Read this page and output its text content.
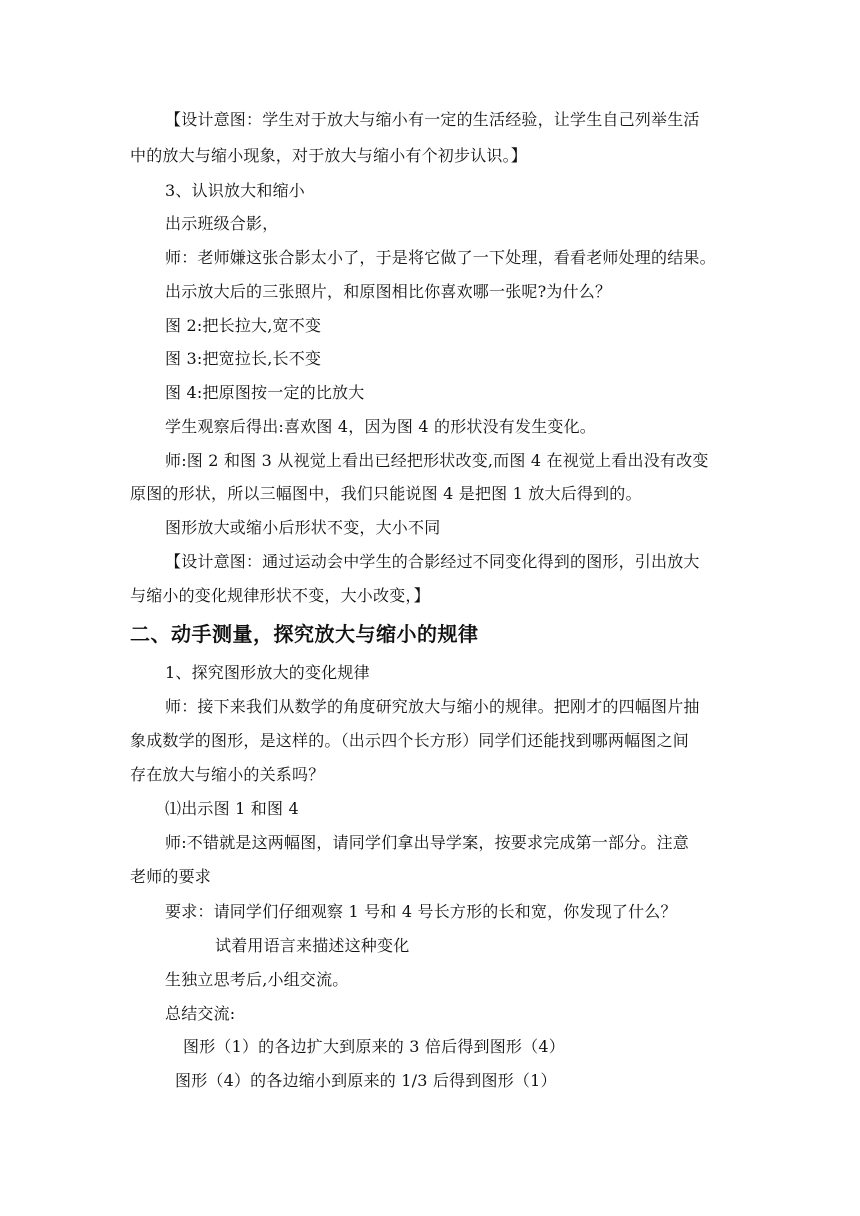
【设计意图：学生对于放大与缩小有一定的生活经验，让学生自己列举生活
中的放大与缩小现象，对于放大与缩小有个初步认识。】
3、认识放大和缩小
出示班级合影，
师：老师嫌这张合影太小了，于是将它做了一下处理，看看老师处理的结果。
出示放大后的三张照片，和原图相比你喜欢哪一张呢?为什么？
图 2:把长拉大,宽不变
图 3:把宽拉长,长不变
图 4:把原图按一定的比放大
学生观察后得出:喜欢图 4，因为图 4 的形状没有发生变化。
师:图 2 和图 3 从视觉上看出已经把形状改变,而图 4 在视觉上看出没有改变
原图的形状，所以三幅图中，我们只能说图 4 是把图 1 放大后得到的。
图形放大或缩小后形状不变，大小不同
【设计意图：通过运动会中学生的合影经过不同变化得到的图形，引出放大
与缩小的变化规律形状不变，大小改变，】
二、动手测量，探究放大与缩小的规律
1、探究图形放大的变化规律
师：接下来我们从数学的角度研究放大与缩小的规律。把刚才的四幅图片抽
象成数学的图形，是这样的。（出示四个长方形）同学们还能找到哪两幅图之间
存在放大与缩小的关系吗？
⑴出示图 1 和图 4
师:不错就是这两幅图，请同学们拿出导学案，按要求完成第一部分。注意
老师的要求
要求：请同学们仔细观察 1 号和 4 号长方形的长和宽，你发现了什么？
试着用语言来描述这种变化
生独立思考后,小组交流。
总结交流:
图形（1）的各边扩大到原来的 3 倍后得到图形（4）
图形（4）的各边缩小到原来的 1/3 后得到图形（1）
